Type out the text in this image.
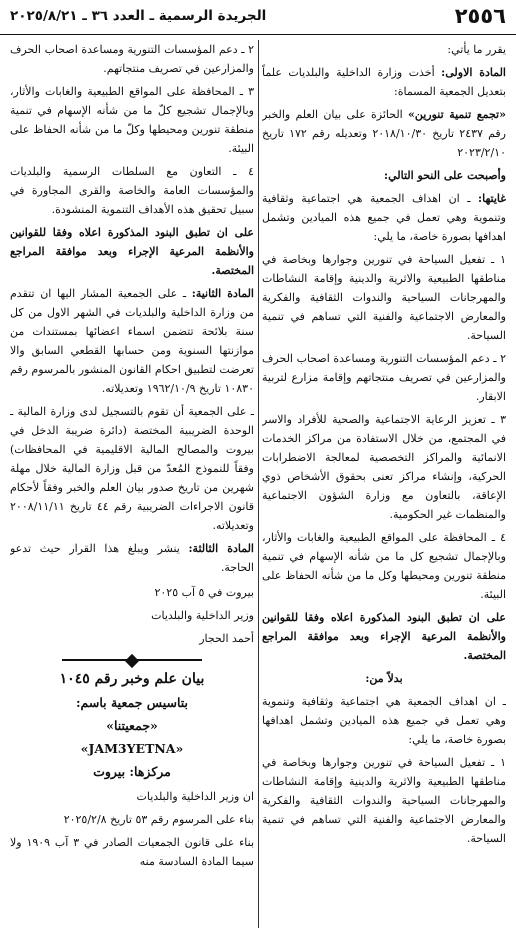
٢٥٥٦
الجريدة الرسمية ـ العدد ٣٦ ـ ٢٠٢٥/٨/٢١

يقرر ما يأتي:

المادة الاولى: أخذت وزارة الداخلية والبلديات علماً بتعديل الجمعية المسماة:

«تجمع تنمية تنورين» الحائزة على بيان العلم والخبر رقم ٢٤٣٧ تاريخ ٢٠١٨/١٠/٣٠ وتعديله رقم ١٧٢ تاريخ ٢٠٢٣/٢/١٠

وأصبحت على النحو التالي:

غايتها: ـ ان اهداف الجمعية هي اجتماعية وثقافية وتنموية وهي تعمل في جميع هذه الميادين وتشمل اهدافها بصورة خاصة، ما يلي:

١ ـ تفعيل السياحة في تنورين وجوارها وبخاصة في مناطقها الطبيعية والاثرية والدينية وإقامة النشاطات والمهرجانات السياحية والندوات الثقافية والفكرية والمعارض الاجتماعية والفنية التي تساهم في تنمية السياحة.

٢ ـ دعم المؤسسات التنورية ومساعدة اصحاب الحرف والمزارعين في تصريف منتجاتهم وإقامة مزارع لتربية الابقار.

٣ ـ تعزيز الرعاية الاجتماعية والصحية للأفراد والاسر في المجتمع، من خلال الاستفادة من مراكز الخدمات الانمائية والمراكز التخصصية لمعالجة الاضطرابات الحركية، وإنشاء مراكز تعنى بحقوق الأشخاص ذوي الإعاقة، بالتعاون مع وزارة الشؤون الاجتماعية والمنظمات غير الحكومية.

٤ ـ المحافظة على المواقع الطبيعية والغابات والأثار، وبالإجمال تشجيع كل ما من شأنه الإسهام في تنمية منطقة تنورين ومحيطها وكل ما من شأنه الحفاظ على البيئة.

على ان تطبق البنود المذكورة اعلاه وفقا للقوانين والأنظمة المرعية الإجراء وبعد موافقة المراجع المختصة.

بدلاً من:

ـ ان اهداف الجمعية هي اجتماعية وثقافية وتنموية وهي تعمل في جميع هذه الميادين وتشمل اهدافها بصورة خاصة، ما يلي:

١ ـ تفعيل السياحة في تنورين وجوارها وبخاصة في مناطقها الطبيعية والاثرية والدينية وإقامة النشاطات والمهرجانات السياحية والندوات الثقافية والفكرية والمعارض الاجتماعية والفنية التي تساهم في تنمية السياحة.

٢ ـ دعم المؤسسات التنورية ومساعدة اصحاب الحرف والمزارعين في تصريف منتجاتهم.

٣ ـ المحافظة على المواقع الطبيعية والغابات والأثار، وبالإجمال تشجيع كلّ ما من شأنه الإسهام في تنمية منطقة تنورين ومحيطها وكلّ ما من شأنه الحفاظ على البيئة.

٤ ـ التعاون مع السلطات الرسمية والبلديات والمؤسسات العامة والخاصة والقرى المجاورة في سبيل تحقيق هذه الأهداف التنموية المنشودة.

على ان تطبق البنود المذكورة اعلاه وفقا للقوانين والأنظمة المرعية الإجراء وبعد موافقة المراجع المختصة.

المادة الثانية: ـ على الجمعية المشار اليها ان تتقدم من وزارة الداخلية والبلديات في الشهر الاول من كل سنة بلائحة تتضمن اسماء اعضائها بمستندات من موازنتها السنوية ومن حسابها القطعي السابق والا تعرضت لتطبيق احكام القانون المنشور بالمرسوم رقم ١٠٨٣٠ تاريخ ١٩٦٢/١٠/٩ وتعديلاته.

ـ على الجمعية أن تقوم بالتسجيل لدى وزارة المالية ـ الوحدة الضريبية المختصة (دائرة ضريبة الدخل في بيروت والمصالح المالية الاقليمية في المحافظات) وفقاً للنموذج المُعدّ من قبل وزارة المالية خلال مهلة شهرين من تاريخ صدور بيان العلم والخبر وفقاً لأحكام قانون الاجراءات الضريبية رقم ٤٤ تاريخ ٢٠٠٨/١١/١١ وتعديلاته.

المادة الثالثة: ينشر ويبلغ هذا القرار حيث تدعو الحاجة.

بيروت في ٥ آب ٢٠٢٥

وزير الداخلية والبلديات

أحمد الحجار

بيان علم وخبر رقم ١٠٤٥

بتاسيس جمعية باسم:

«جمعيتنا»

«JAM3YETNA»

مركزها: بيروت

ان وزير الداخلية والبلديات

بناء على المرسوم رقم ٥٣ تاريخ ٢٠٢٥/٢/٨

بناء على قانون الجمعيات الصادر في ٣ آب ١٩٠٩ ولا سيما المادة السادسة منه
